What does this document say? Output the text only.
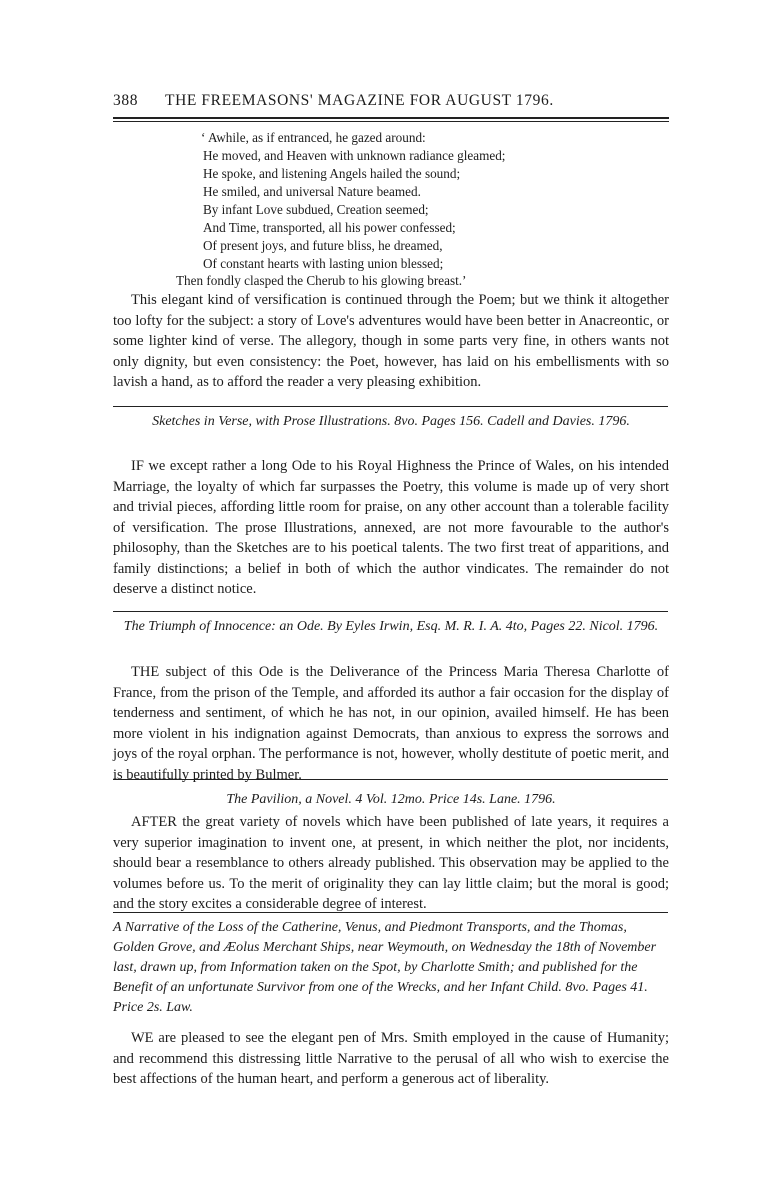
388 THE FREEMASONS' MAGAZINE FOR AUGUST 1796.
‘ Awhile, as if entranced, he gazed around:
He moved, and Heaven with unknown radiance gleamed;
He spoke, and listening Angels hailed the sound;
He smiled, and universal Nature beamed.
By infant Love subdued, Creation seemed;
And Time, transported, all his power confessed;
Of present joys, and future bliss, he dreamed,
Of constant hearts with lasting union blessed;
Then fondly clasped the Cherub to his glowing breast.’

This elegant kind of versification is continued through the Poem; but we think it altogether too lofty for the subject: a story of Love's adventures would have been better in Anacreontic, or some lighter kind of verse. The allegory, though in some parts very fine, in others wants not only dignity, but even consistency: the Poet, however, has laid on his embellisments with so lavish a hand, as to afford the reader a very pleasing exhibition.

Sketches in Verse, with Prose Illustrations. 8vo. Pages 156. Cadell and Davies. 1796.

IF we except rather a long Ode to his Royal Highness the Prince of Wales, on his intended Marriage, the loyalty of which far surpasses the Poetry, this volume is made up of very short and trivial pieces, affording little room for praise, on any other account than a tolerable facility of versification. The prose Illustrations, annexed, are not more favourable to the author's philosophy, than the Sketches are to his poetical talents. The two first treat of apparitions, and family distinctions; a belief in both of which the author vindicates. The remainder do not deserve a distinct notice.

The Triumph of Innocence: an Ode. By Eyles Irwin, Esq. M. R. I. A. 4to, Pages 22. Nicol. 1796.

THE subject of this Ode is the Deliverance of the Princess Maria Theresa Charlotte of France, from the prison of the Temple, and afforded its author a fair occasion for the display of tenderness and sentiment, of which he has not, in our opinion, availed himself. He has been more violent in his indignation against Democrats, than anxious to express the sorrows and joys of the royal orphan. The performance is not, however, wholly destitute of poetic merit, and is beautifully printed by Bulmer.

The Pavilion, a Novel. 4 Vol. 12mo. Price 14s. Lane. 1796.

AFTER the great variety of novels which have been published of late years, it requires a very superior imagination to invent one, at present, in which neither the plot, nor incidents, should bear a resemblance to others already published. This observation may be applied to the volumes before us. To the merit of originality they can lay little claim; but the moral is good; and the story excites a considerable degree of interest.

A Narrative of the Loss of the Catherine, Venus, and Piedmont Transports, and the Thomas, Golden Grove, and Æolus Merchant Ships, near Weymouth, on Wednesday the 18th of November last, drawn up, from Information taken on the Spot, by Charlotte Smith; and published for the Benefit of an unfortunate Survivor from one of the Wrecks, and her Infant Child. 8vo. Pages 41. Price 2s. Law.

WE are pleased to see the elegant pen of Mrs. Smith employed in the cause of Humanity; and recommend this distressing little Narrative to the perusal of all who wish to exercise the best affections of the human heart, and perform a generous act of liberality.
